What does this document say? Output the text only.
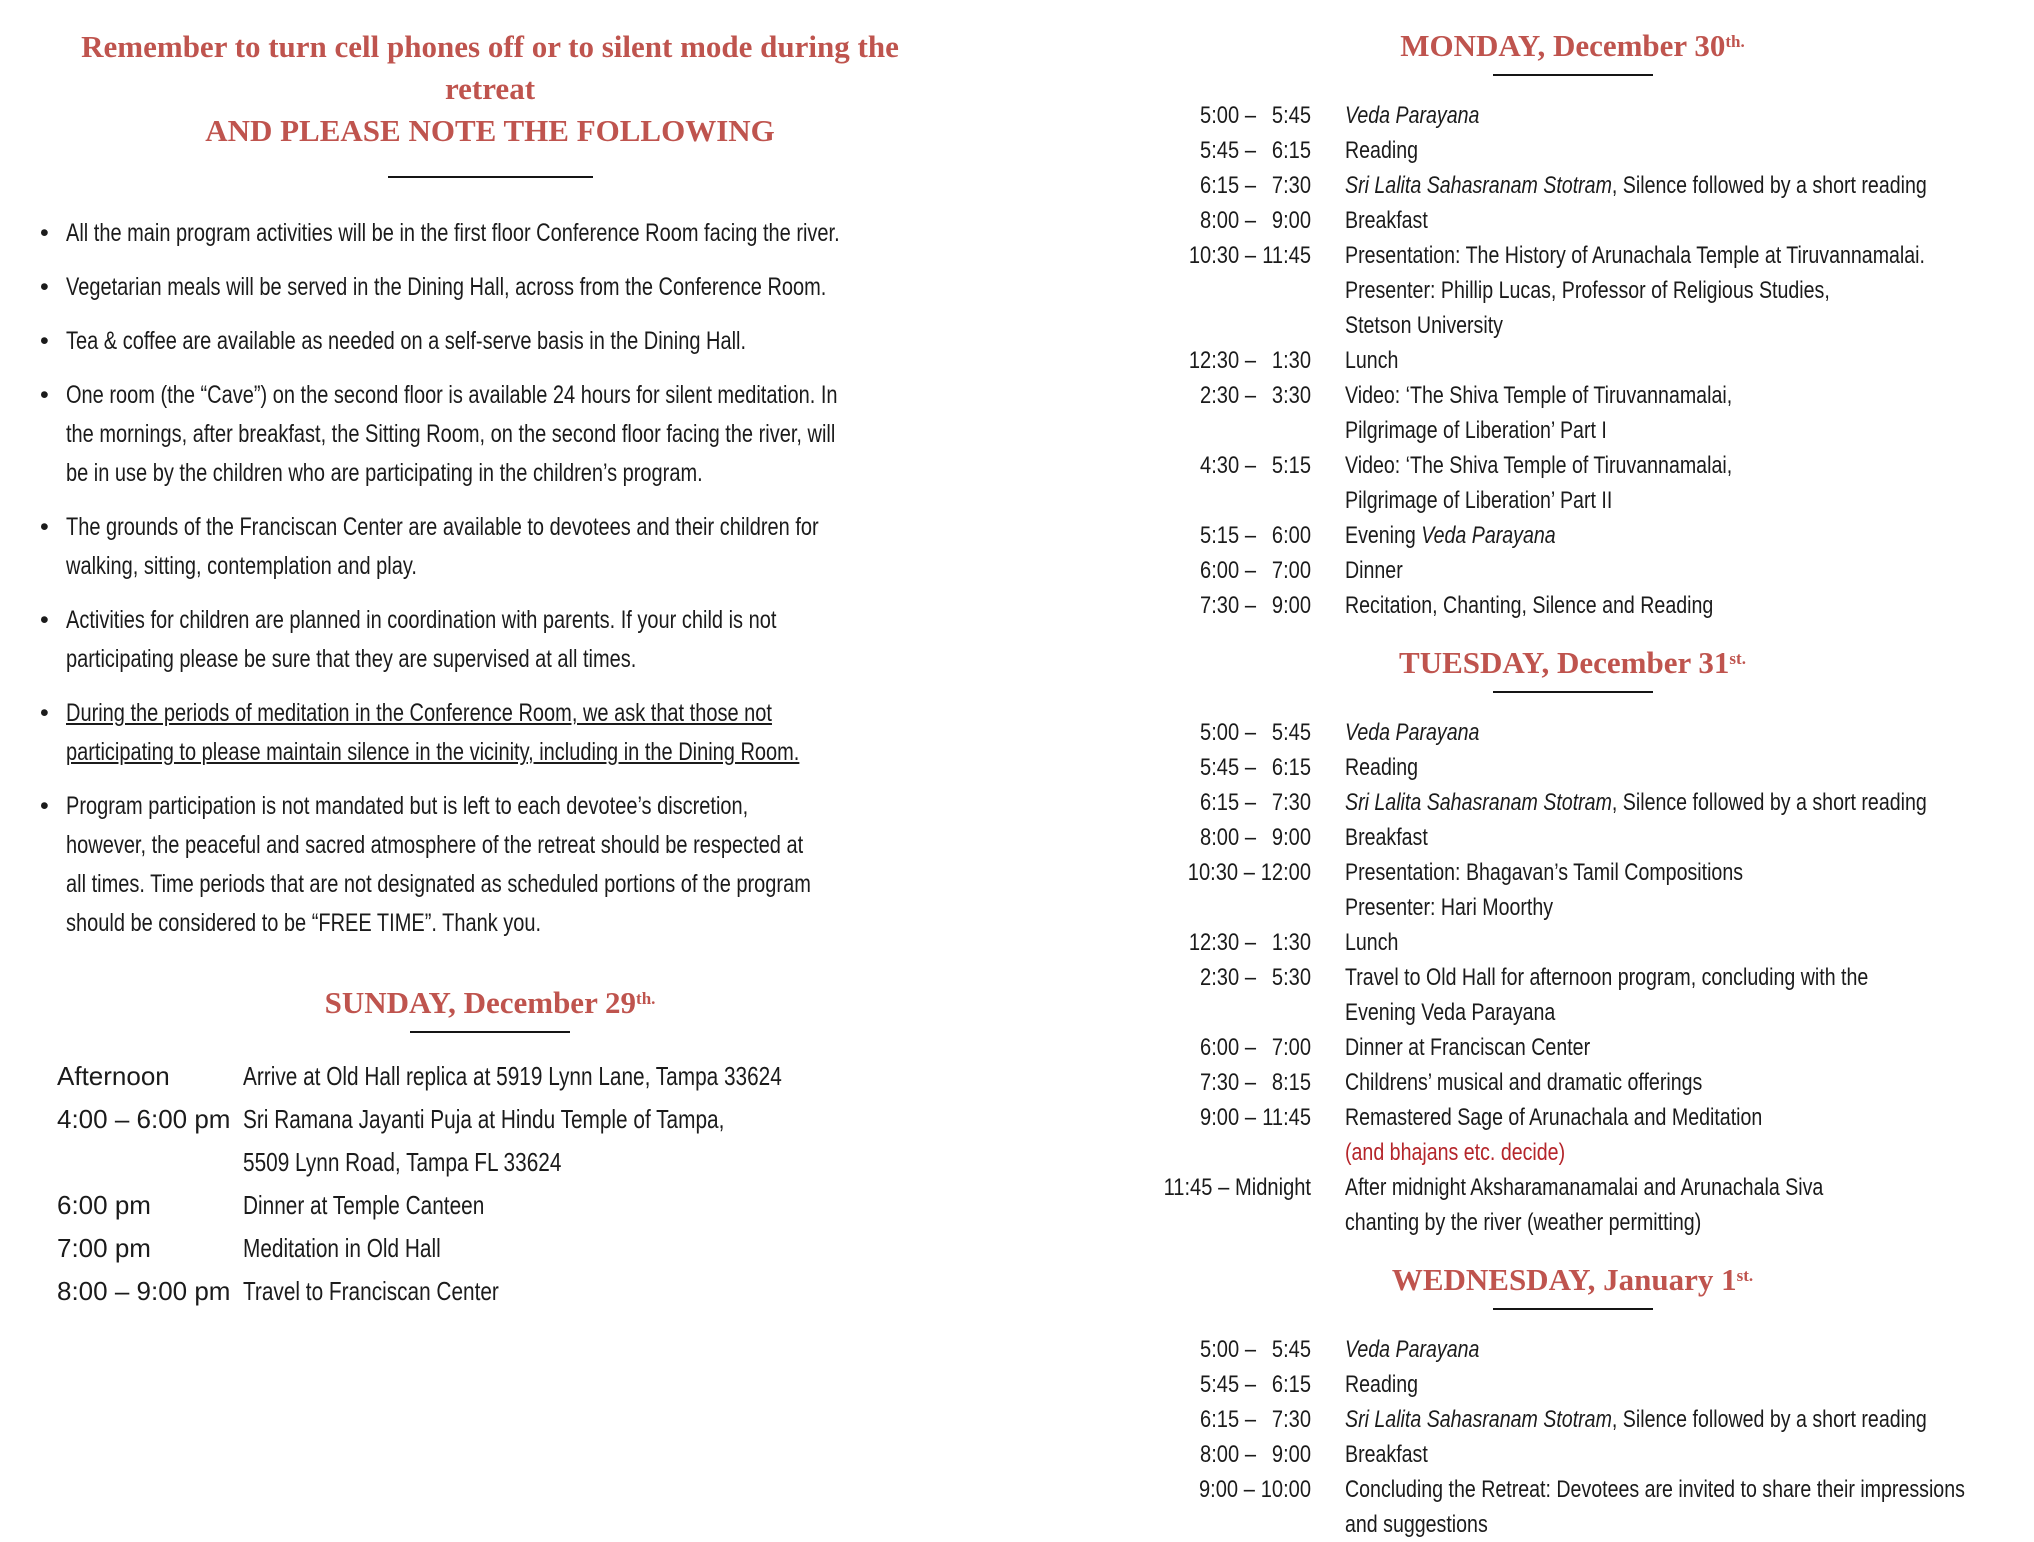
Remember to turn cell phones off or to silent mode during the retreat
AND PLEASE NOTE THE FOLLOWING
• All the main program activities will be in the first floor Conference Room facing the river.
• Vegetarian meals will be served in the Dining Hall, across from the Conference Room.
• Tea & coffee are available as needed on a self-serve basis in the Dining Hall.
• One room (the “Cave”) on the second floor is available 24 hours for silent meditation. In
the mornings, after breakfast, the Sitting Room, on the second floor facing the river, will
be in use by the children who are participating in the children’s program.
• The grounds of the Franciscan Center are available to devotees and their children for
walking, sitting, contemplation and play.
• Activities for children are planned in coordination with parents. If your child is not
participating please be sure that they are supervised at all times.
• During the periods of meditation in the Conference Room, we ask that those not
participating to please maintain silence in the vicinity, including in the Dining Room.
• Program participation is not mandated but is left to each devotee’s discretion,
however, the peaceful and sacred atmosphere of the retreat should be respected at
all times. Time periods that are not designated as scheduled portions of the program
should be considered to be “FREE TIME”. Thank you.
SUNDAY, December $29^{th.}$
Afternoon	Arrive at Old Hall replica at 5919 Lynn Lane, Tampa 33624
4:00 – 6:00 pm Sri Ramana Jayanti Puja at Hindu Temple of Tampa,
5509 Lynn Road, Tampa FL 33624
6:00 pm	Dinner at Temple Canteen
7:00 pm	Meditation in Old Hall
8:00 – 9:00 pm Travel to Franciscan Center
MONDAY, December $30^{th.}$
5:00 – 5:45 Veda Parayana
5:45 – 6:15 Reading
6:15 – 7:30 Sri Lalita Sahasranam Stotram, Silence followed by a short reading
8:00 – 9:00 Breakfast
10:30 – 11:45 Presentation: The History of Arunachala Temple at Tiruvannamalai.
Presenter: Phillip Lucas, Professor of Religious Studies,
Stetson University
12:30 – 1:30 Lunch
2:30 – 3:30 Video: ‘The Shiva Temple of Tiruvannamalai,
Pilgrimage of Liberation’ Part I
4:30 – 5:15 Video: ‘The Shiva Temple of Tiruvannamalai,
Pilgrimage of Liberation’ Part II
5:15 – 6:00 Evening Veda Parayana
6:00 – 7:00 Dinner
7:30 – 9:00 Recitation, Chanting, Silence and Reading
TUESDAY, December $31^{st.}$
5:00 – 5:45 Veda Parayana
5:45 – 6:15 Reading
6:15 – 7:30 Sri Lalita Sahasranam Stotram, Silence followed by a short reading
8:00 – 9:00 Breakfast
10:30 – 12:00 Presentation: Bhagavan’s Tamil Compositions
Presenter: Hari Moorthy
12:30 – 1:30 Lunch
2:30 – 5:30 Travel to Old Hall for afternoon program, concluding with the
Evening Veda Parayana
6:00 – 7:00 Dinner at Franciscan Center
7:30 – 8:15 Childrens’ musical and dramatic offerings
9:00 – 11:45 Remastered Sage of Arunachala and Meditation
(and bhajans etc. decide)
11:45 – Midnight After midnight Aksharamanamalai and Arunachala Siva
chanting by the river (weather permitting)
WEDNESDAY, January $1^{st.}$
5:00 – 5:45 Veda Parayana
5:45 – 6:15 Reading
6:15 – 7:30 Sri Lalita Sahasranam Stotram, Silence followed by a short reading
8:00 – 9:00 Breakfast
9:00 – 10:00 Concluding the Retreat: Devotees are invited to share their impressions
and suggestions
